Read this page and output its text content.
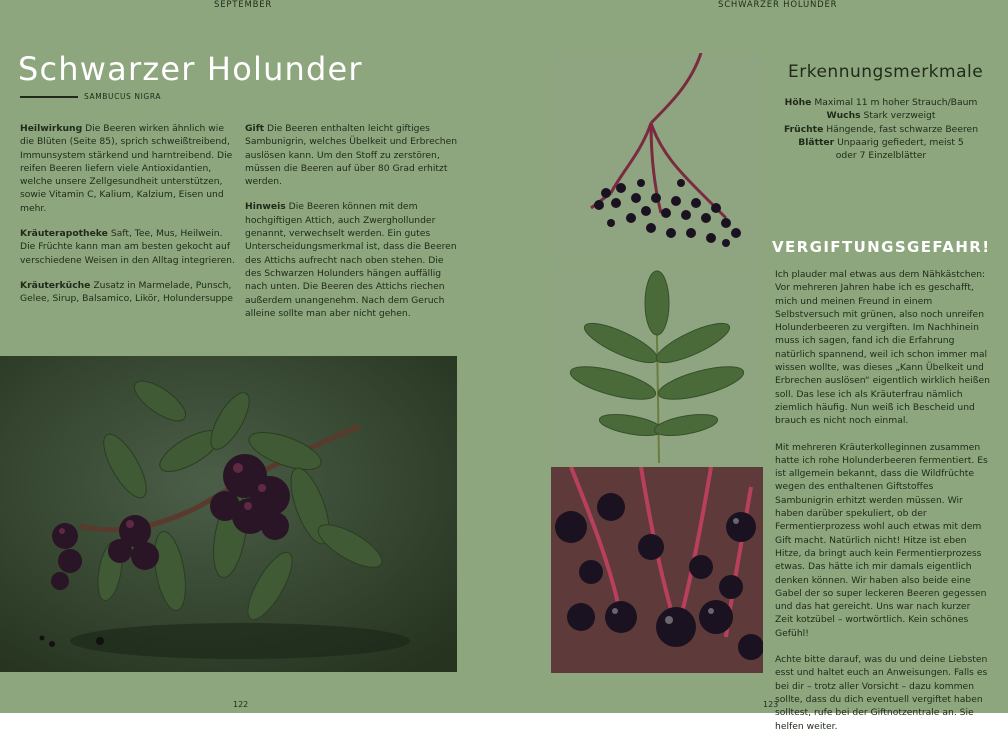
SEPTEMBER
Schwarzer Holunder
SAMBUCUS NIGRA

Heilwirkung Die Beeren wirken ähnlich wie die Blüten (Seite 85), sprich schweißtreibend, Immunsystem stärkend und harntreibend. Die reifen Beeren liefern viele Antioxidantien, welche unsere Zellgesundheit unterstützen, sowie Vitamin C, Kalium, Kalzium, Eisen und mehr.

Kräuterapotheke Saft, Tee, Mus, Heilwein. Die Früchte kann man am besten gekocht auf verschiedene Weisen in den Alltag integrieren.

Kräuterküche Zusatz in Marmelade, Punsch, Gelee, Sirup, Balsamico, Likör, Holundersuppe

Gift Die Beeren enthalten leicht giftiges Sambunigrin, welches Übelkeit und Erbrechen auslösen kann. Um den Stoff zu zerstören, müssen die Beeren auf über 80 Grad erhitzt werden.

Hinweis Die Beeren können mit dem hochgiftigen Attich, auch Zwerghollunder genannt, verwechselt werden. Ein gutes Unterscheidungsmerkmal ist, dass die Beeren des Attichs aufrecht nach oben stehen. Die des Schwarzen Holunders hängen auffällig nach unten. Die Beeren des Attichs riechen außerdem unangenehm. Nach dem Geruch alleine sollte man aber nicht gehen.

122
SCHWARZER HOLUNDER
123
Erkennungsmerkmale
Höhe Maximal 11 m hoher Strauch/Baum
Wuchs Stark verzweigt
Früchte Hängende, fast schwarze Beeren
Blätter Unpaarig gefiedert, meist 5 oder 7 Einzelblätter
VERGIFTUNGSGEFAHR!

Ich plauder mal etwas aus dem Nähkästchen: Vor mehreren Jahren habe ich es geschafft, mich und meinen Freund in einem Selbstversuch mit grünen, also noch unreifen Holunderbeeren zu vergiften. Im Nachhinein muss ich sagen, fand ich die Erfahrung natürlich spannend, weil ich schon immer mal wissen wollte, was dieses „Kann Übelkeit und Erbrechen auslösen“ eigentlich wirklich heißen soll. Das lese ich als Kräuterfrau nämlich ziemlich häufig. Nun weiß ich Bescheid und brauch es nicht noch einmal.

Mit mehreren Kräuterkolleginnen zusammen hatte ich rohe Holunderbeeren fermentiert. Es ist allgemein bekannt, dass die Wildfrüchte wegen des enthaltenen Giftstoffes Sambunigrin erhitzt werden müssen. Wir haben darüber spekuliert, ob der Fermentierprozess wohl auch etwas mit dem Gift macht. Natürlich nicht! Hitze ist eben Hitze, da bringt auch kein Fermentierprozess etwas. Das hätte ich mir damals eigentlich denken können. Wir haben also beide eine Gabel der so super leckeren Beeren gegessen und das hat gereicht. Uns war nach kurzer Zeit kotzübel – wortwörtlich. Kein schönes Gefühl!

Achte bitte darauf, was du und deine Liebsten esst und haltet euch an Anweisungen. Falls es bei dir – trotz aller Vorsicht – dazu kommen sollte, dass du dich eventuell vergiftet haben solltest, rufe bei der Giftnotzentrale an. Sie helfen weiter.
